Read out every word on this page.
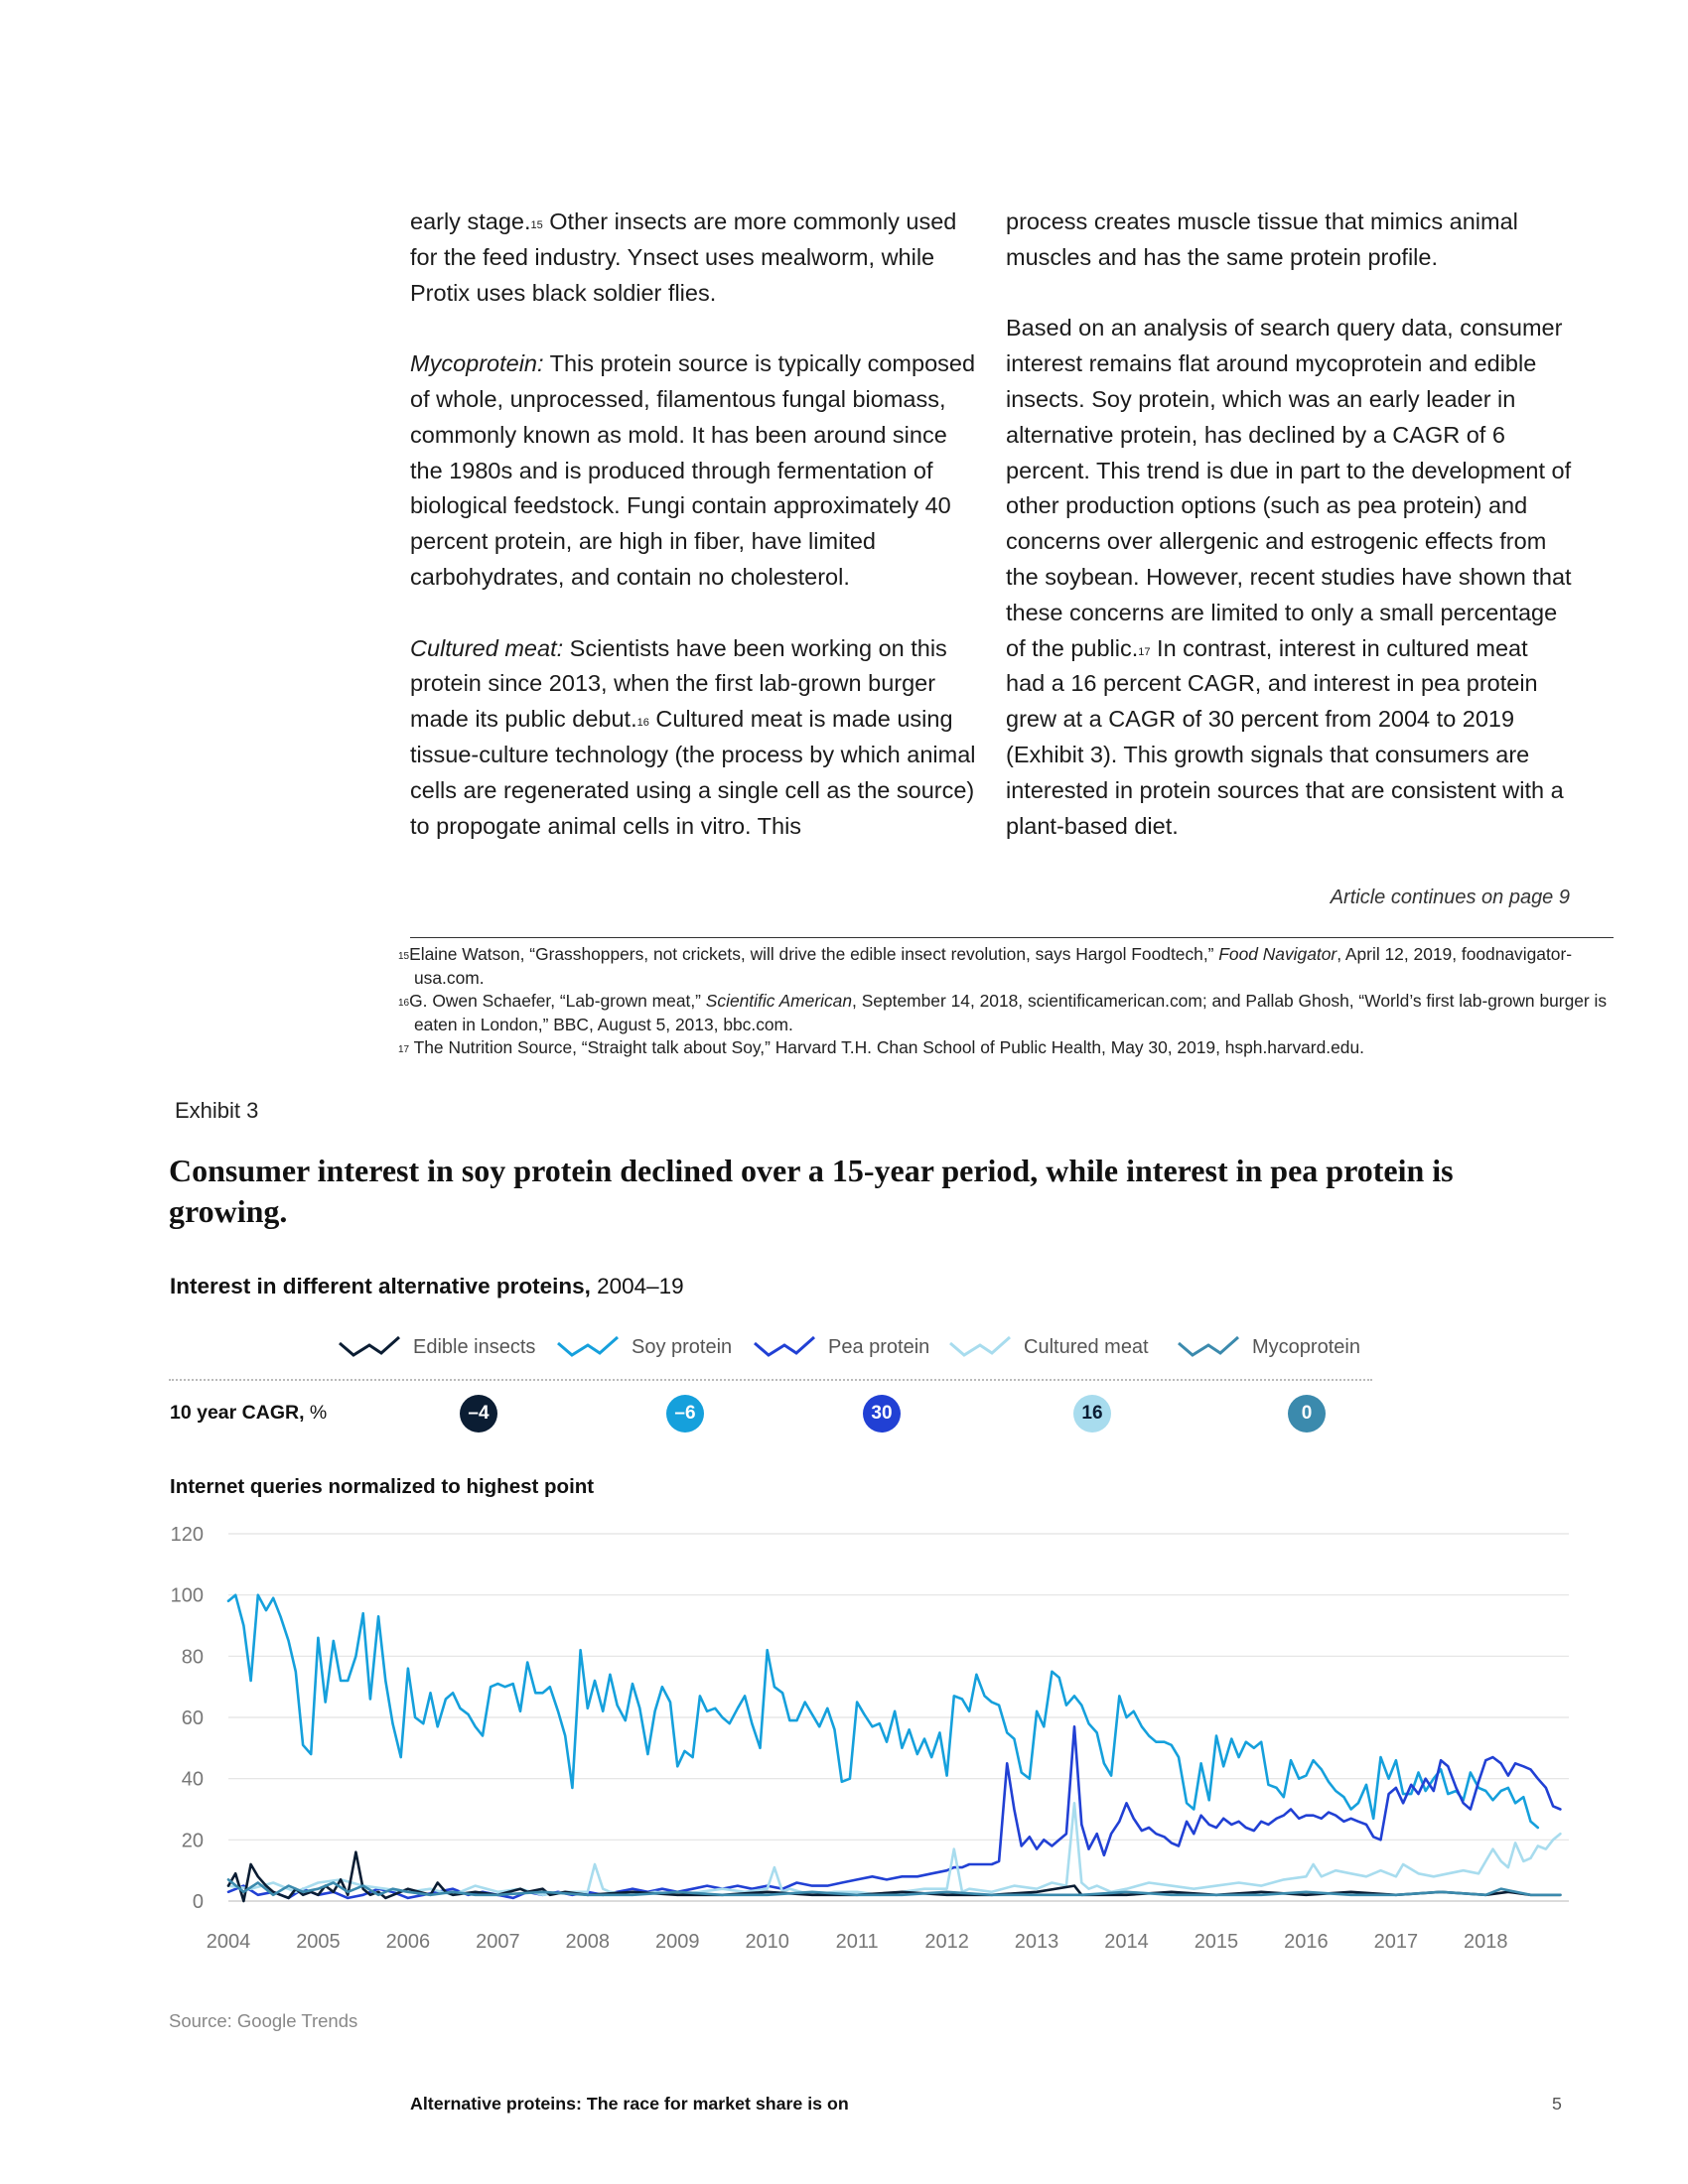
early stage.$^{15}$ Other insects are more commonly used for the feed industry. Ynsect uses mealworm, while Protix uses black soldier flies.

Mycoprotein: This protein source is typically composed of whole, unprocessed, filamentous fungal biomass, commonly known as mold. It has been around since the 1980s and is produced through fermentation of biological feedstock. Fungi contain approximately 40 percent protein, are high in fiber, have limited carbohydrates, and contain no cholesterol.

Cultured meat: Scientists have been working on this protein since 2013, when the first lab-grown burger made its public debut.$^{16}$ Cultured meat is made using tissue-culture technology (the process by which animal cells are regenerated using a single cell as the source) to propogate animal cells in vitro. This

process creates muscle tissue that mimics animal muscles and has the same protein profile.

Based on an analysis of search query data, consumer interest remains flat around mycoprotein and edible insects. Soy protein, which was an early leader in alternative protein, has declined by a CAGR of 6 percent. This trend is due in part to the development of other production options (such as pea protein) and concerns over allergenic and estrogenic effects from the soybean. However, recent studies have shown that these concerns are limited to only a small percentage of the public.$^{17}$ In contrast, interest in cultured meat had a 16 percent CAGR, and interest in pea protein grew at a CAGR of 30 percent from 2004 to 2019 (Exhibit 3). This growth signals that consumers are interested in protein sources that are consistent with a plant-based diet.

Article continues on page 9

$^{15}$Elaine Watson, “Grasshoppers, not crickets, will drive the edible insect revolution, says Hargol Foodtech,” Food Navigator, April 12, 2019, foodnavigator-usa.com.

$^{16}$G. Owen Schaefer, “Lab-grown meat,” Scientific American, September 14, 2018, scientificamerican.com; and Pallab Ghosh, “World’s first lab-grown burger is eaten in London,” BBC, August 5, 2013, bbc.com.

$^{17}$ The Nutrition Source, “Straight talk about Soy,” Harvard T.H. Chan School of Public Health, May 30, 2019, hsph.harvard.edu.

Exhibit 3
Consumer interest in soy protein declined over a 15-year period, while interest in pea protein is growing.
Interest in different alternative proteins, 2004–19
Edible insects	Soy protein	Pea protein	Cultured meat	Mycoprotein
10 year CAGR, %	–4	–6	30	16	0
Internet queries normalized to highest point
0
20
40
60
80
100
120
2004 2005 2006 2007 2008 2009 2010 2011 2012 2013 2014 2015 2016 2017 2018
Source: Google Trends
Alternative proteins: The race for market share is on	5
